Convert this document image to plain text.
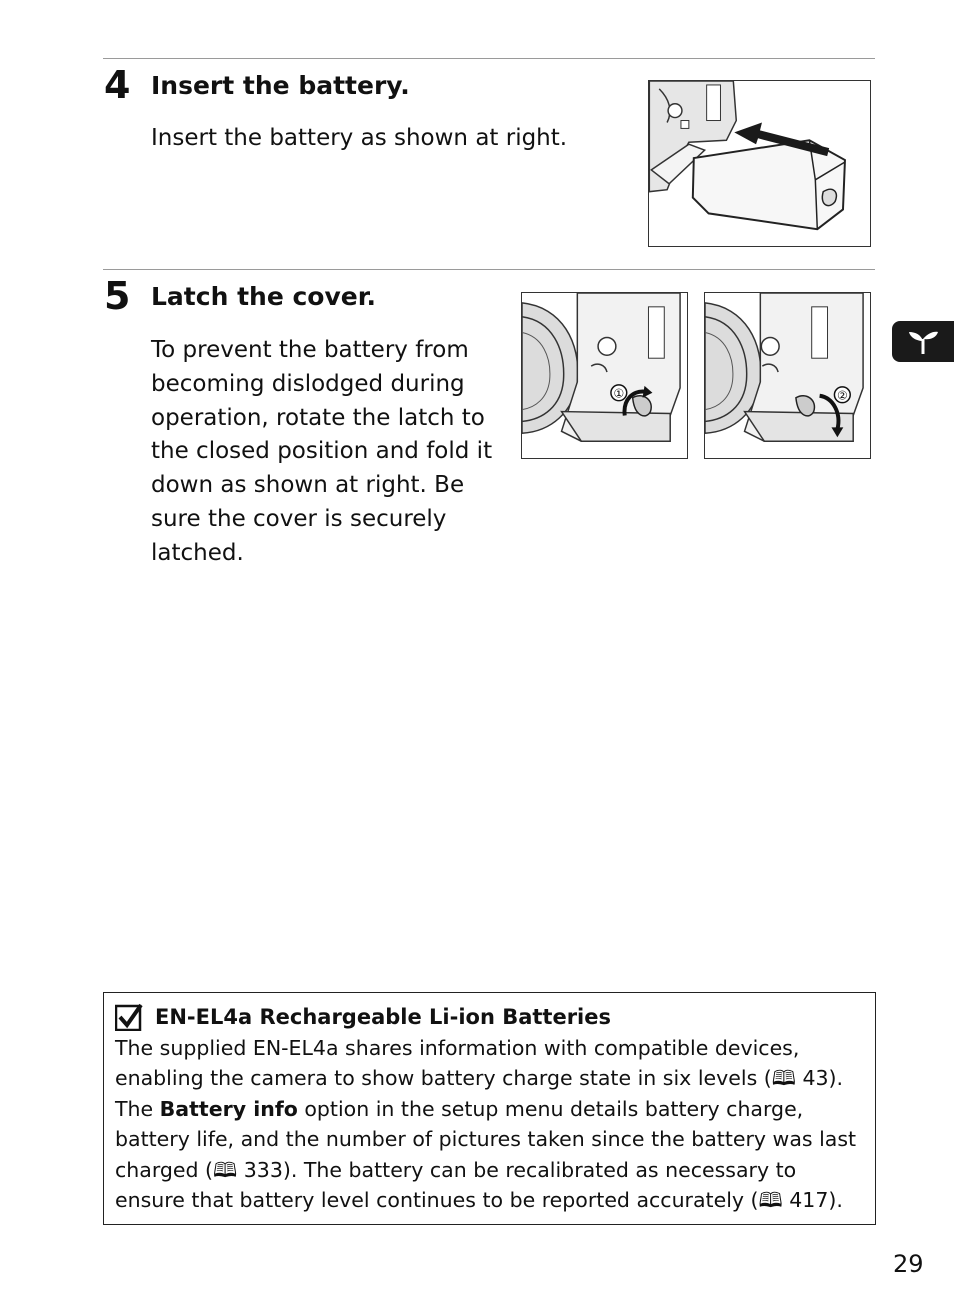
4 Insert the battery.
Insert the battery as shown at right.
5 Latch the cover.
To prevent the battery from
becoming dislodged during
operation, rotate the latch to
the closed position and fold it
down as shown at right. Be
sure the cover is securely
latched.
①	②
EN-EL4a Rechargeable Li-ion Batteries
The supplied EN-EL4a shares information with compatible devices,
enabling the camera to show battery charge state in six levels (🕮 43).
The Battery info option in the setup menu details battery charge,
battery life, and the number of pictures taken since the battery was last
charged (🕮 333). The battery can be recalibrated as necessary to
ensure that battery level continues to be reported accurately (🕮 417).
29
